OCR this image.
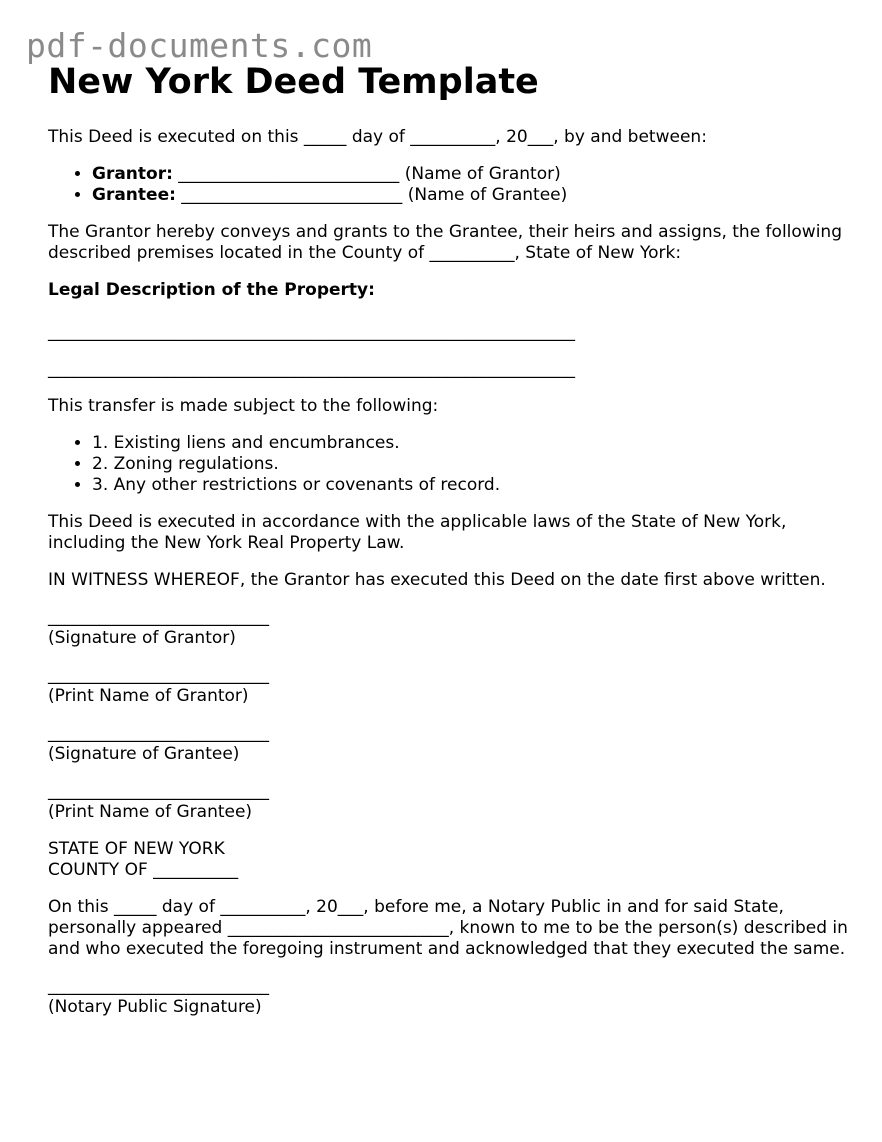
pdf-documents.com
New York Deed Template

This Deed is executed on this _____ day of __________, 20___, by and between:

• Grantor: __________________________ (Name of Grantor)
• Grantee: __________________________ (Name of Grantee)

The Grantor hereby conveys and grants to the Grantee, their heirs and assigns, the following described premises located in the County of __________, State of New York:

Legal Description of the Property:

______________________________________________________________

______________________________________________________________

This transfer is made subject to the following:

• 1. Existing liens and encumbrances.
• 2. Zoning regulations.
• 3. Any other restrictions or covenants of record.

This Deed is executed in accordance with the applicable laws of the State of New York, including the New York Real Property Law.

IN WITNESS WHEREOF, the Grantor has executed this Deed on the date first above written.

__________________________

(Signature of Grantor)

__________________________

(Print Name of Grantor)

__________________________

(Signature of Grantee)

__________________________

(Print Name of Grantee)

STATE OF NEW YORK

COUNTY OF __________

On this _____ day of __________, 20___, before me, a Notary Public in and for said State, personally appeared __________________________, known to me to be the person(s) described in and who executed the foregoing instrument and acknowledged that they executed the same.

__________________________

(Notary Public Signature)
